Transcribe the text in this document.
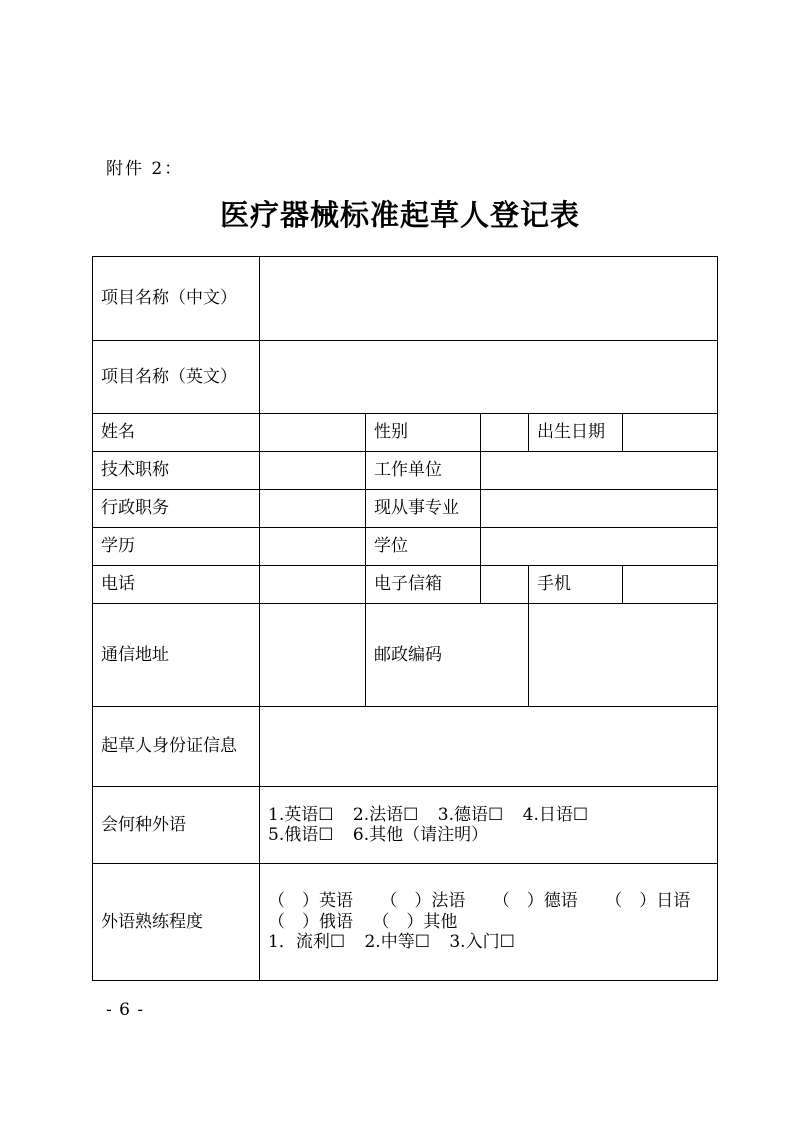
附件 2：
医疗器械标准起草人登记表
项目名称（中文）					
项目名称（英文）					
姓名		性别		出生日期	
技术职称		工作单位			
行政职务		现从事专业			
学历		学位			
电话		电子信箱		手机	
通信地址		邮政编码			
起草人身份证信息					
会何种外语	1.英语☐ 2.法语☐ 3.德语☐ 4.日语☐
5.俄语☐ 6.其他（请注明）				

外语熟练程度	（　）英语 （　）法语 （　）德语 （　）日语
（　）俄语 （　）其他
1．流利☐ 2.中等☐ 3.入门☐				
- 6 -
